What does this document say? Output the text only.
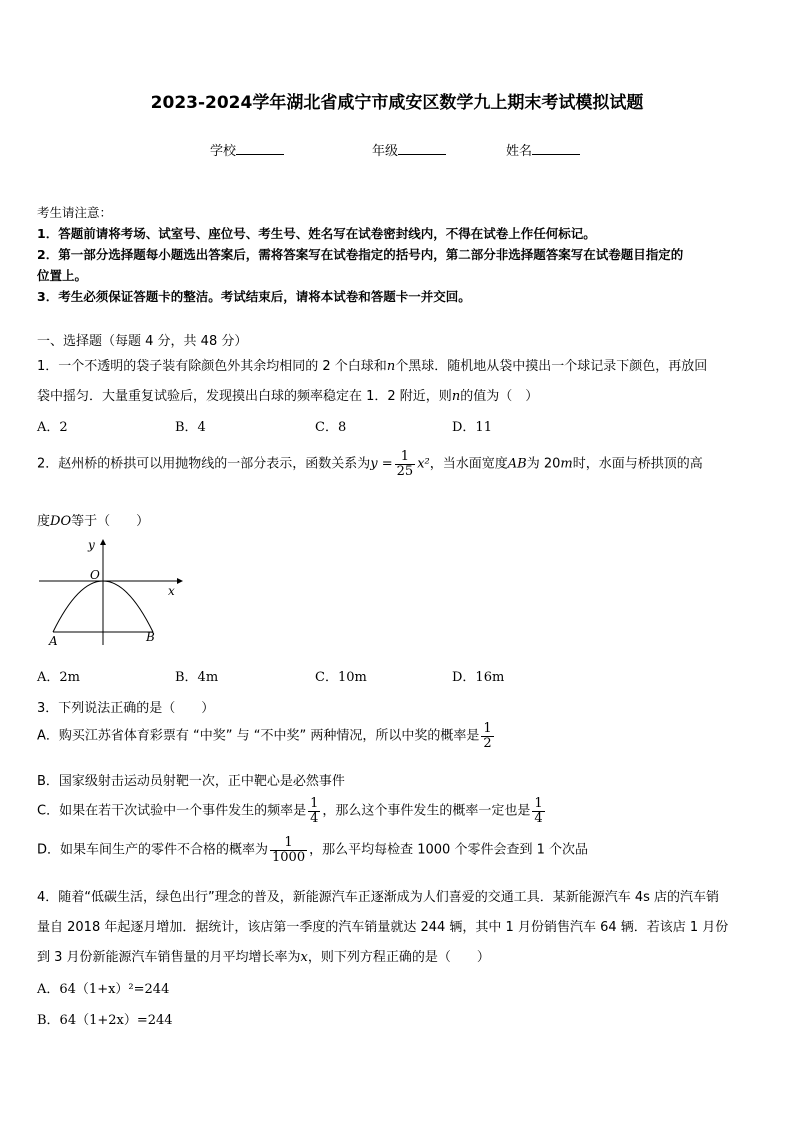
2023-2024学年湖北省咸宁市咸安区数学九上期末考试模拟试题
学校	年级	姓名
考生请注意：
1．答题前请将考场、试室号、座位号、考生号、姓名写在试卷密封线内，不得在试卷上作任何标记。
2．第一部分选择题每小题选出答案后，需将答案写在试卷指定的括号内，第二部分非选择题答案写在试卷题目指定的
位置上。
3．考生必须保证答题卡的整洁。考试结束后，请将本试卷和答题卡一并交回。
一、选择题（每题 4 分，共 48 分）
1．一个不透明的袋子装有除颜色外其余均相同的 2 个白球和n个黑球．随机地从袋中摸出一个球记录下颜色，再放回
袋中摇匀．大量重复试验后，发现摸出白球的频率稳定在 1．2 附近，则n的值为（　）
A．2	B．4	C．8	D．11
2．赵州桥的桥拱可以用抛物线的一部分表示，函数关系为$y = \frac{1}{25} x^2$，当水面宽度AB为 20m时，水面与桥拱顶的高
度DO等于（　　）
y
x
O
A	B
A．2m	B．4m	C．10m	D．16m
3．下列说法正确的是（　　）
A．购买江苏省体育彩票有 “中奖” 与 “不中奖” 两种情况，所以中奖的概率是 $\frac{1}{2}$
B．国家级射击运动员射靶一次，正中靶心是必然事件
C．如果在若干次试验中一个事件发生的频率是 $\frac{1}{4}$ ，那么这个事件发生的概率一定也是 $\frac{1}{4}$
D．如果车间生产的零件不合格的概率为 $\frac{1}{1000}$ ，那么平均每检查 1000 个零件会查到 1 个次品
4．随着“低碳生活，绿色出行”理念的普及，新能源汽车正逐渐成为人们喜爱的交通工具．某新能源汽车 4s 店的汽车销
量自 2018 年起逐月增加．据统计，该店第一季度的汽车销量就达 244 辆，其中 1 月份销售汽车 64 辆．若该店 1 月份
到 3 月份新能源汽车销售量的月平均增长率为x，则下列方程正确的是（　　）
A．64（1+x）²=244
B．64（1+2x）=244
